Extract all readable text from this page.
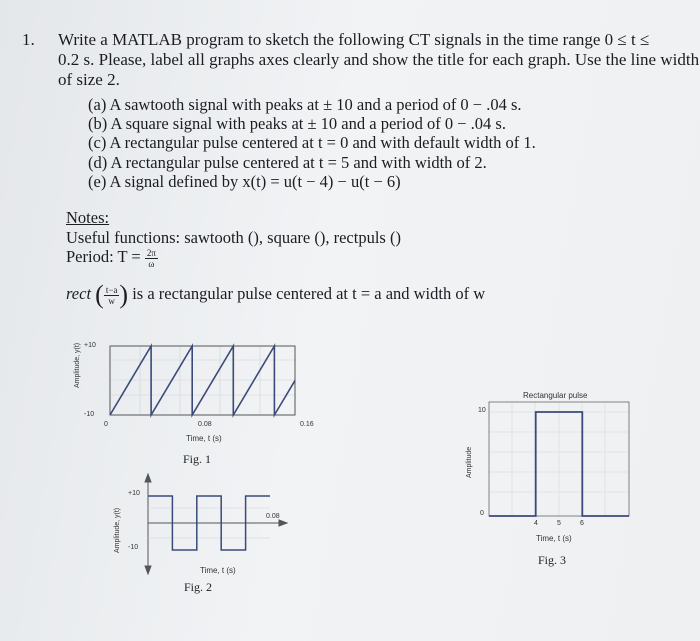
1. Write a MATLAB program to sketch the following CT signals in the time range 0 ≤ t ≤
0.2 s. Please, label all graphs axes clearly and show the title for each graph. Use the line width
of size 2.
(a) A sawtooth signal with peaks at ± 10 and a period of 0 − .04 s.
(b) A square signal with peaks at ± 10 and a period of 0 − .04 s.
(c) A rectangular pulse centered at t = 0 and with default width of 1.
(d) A rectangular pulse centered at t = 5 and with width of 2.
(e) A signal defined by x(t) = u(t − 4) − u(t − 6)
Notes:
Useful functions: sawtooth (), square (), rectpuls ()
Period: $T = \frac{2\pi}{\omega}$
rect ( $\frac{t-a}{w}$ ) is a rectangular pulse centered at t = a and width of w
+10
-10
0	0.08	0.16
Amplitude, y(t)
Time, t (s)
Fig. 1
+10
-10
0.08
Amplitude, y(t)
Time, t (s)
Fig. 2
Rectangular pulse
10
0
4	5	6
Amplitude
Time, t (s)
Fig. 3
